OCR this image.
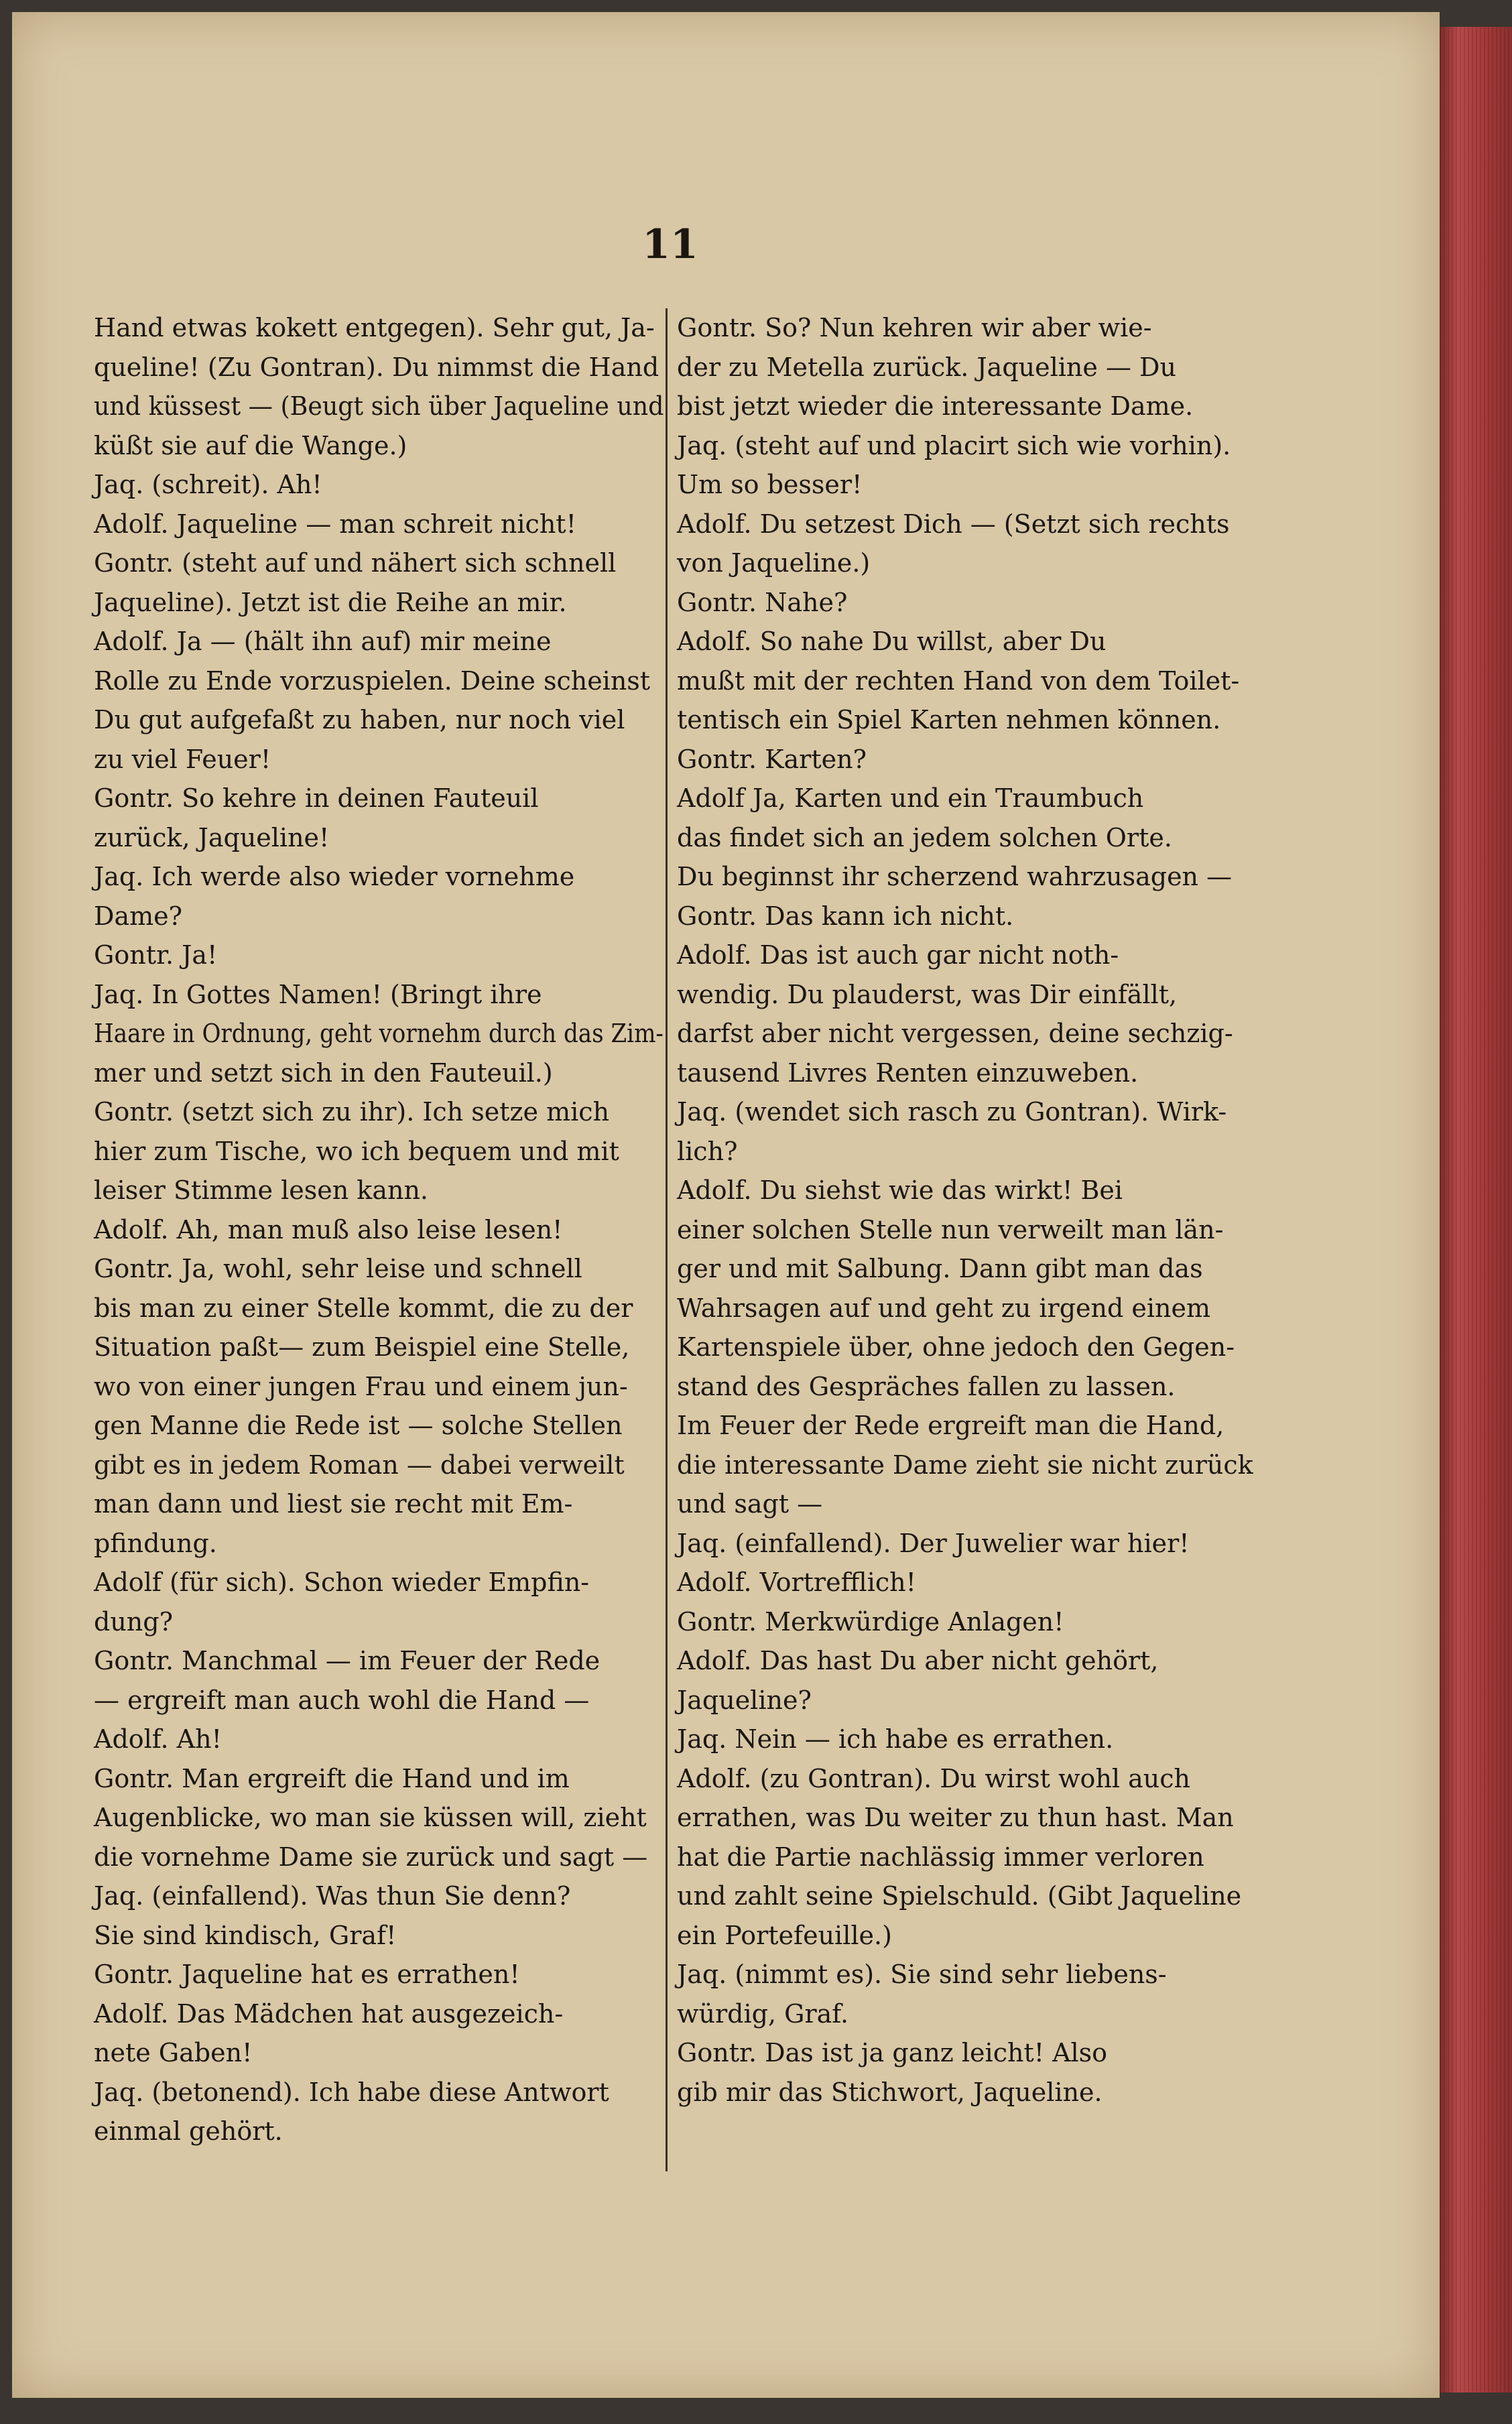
11
Hand etwas kokett entgegen). Sehr gut, Ja-
queline! (Zu Gontran). Du nimmst die Hand
und küssest — (Beugt sich über Jaqueline und
küßt sie auf die Wange.)
Jaq. (schreit). Ah!
Adolf. Jaqueline — man schreit nicht!
Gontr. (steht auf und nähert sich schnell
Jaqueline). Jetzt ist die Reihe an mir.
Adolf. Ja — (hält ihn auf) mir meine
Rolle zu Ende vorzuspielen. Deine scheinst
Du gut aufgefaßt zu haben, nur noch viel
zu viel Feuer!
Gontr. So kehre in deinen Fauteuil
zurück, Jaqueline!
Jaq. Ich werde also wieder vornehme
Dame?
Gontr. Ja!
Jaq. In Gottes Namen! (Bringt ihre
Haare in Ordnung, geht vornehm durch das Zim-
mer und setzt sich in den Fauteuil.)
Gontr. (setzt sich zu ihr). Ich setze mich
hier zum Tische, wo ich bequem und mit
leiser Stimme lesen kann.
Adolf. Ah, man muß also leise lesen!
Gontr. Ja, wohl, sehr leise und schnell
bis man zu einer Stelle kommt, die zu der
Situation paßt— zum Beispiel eine Stelle,
wo von einer jungen Frau und einem jun-
gen Manne die Rede ist — solche Stellen
gibt es in jedem Roman — dabei verweilt
man dann und liest sie recht mit Em-
pfindung.
Adolf (für sich). Schon wieder Empfin-
dung?
Gontr. Manchmal — im Feuer der Rede
— ergreift man auch wohl die Hand —
Adolf. Ah!
Gontr. Man ergreift die Hand und im
Augenblicke, wo man sie küssen will, zieht
die vornehme Dame sie zurück und sagt —
Jaq. (einfallend). Was thun Sie denn?
Sie sind kindisch, Graf!
Gontr. Jaqueline hat es errathen!
Adolf. Das Mädchen hat ausgezeich-
nete Gaben!
Jaq. (betonend). Ich habe diese Antwort
einmal gehört.
Gontr. So? Nun kehren wir aber wie-
der zu Metella zurück. Jaqueline — Du
bist jetzt wieder die interessante Dame.
Jaq. (steht auf und placirt sich wie vorhin).
Um so besser!
Adolf. Du setzest Dich — (Setzt sich rechts
von Jaqueline.)
Gontr. Nahe?
Adolf. So nahe Du willst, aber Du
mußt mit der rechten Hand von dem Toilet-
tentisch ein Spiel Karten nehmen können.
Gontr. Karten?
Adolf Ja, Karten und ein Traumbuch
das findet sich an jedem solchen Orte.
Du beginnst ihr scherzend wahrzusagen —
Gontr. Das kann ich nicht.
Adolf. Das ist auch gar nicht noth-
wendig. Du plauderst, was Dir einfällt,
darfst aber nicht vergessen, deine sechzig-
tausend Livres Renten einzuweben.
Jaq. (wendet sich rasch zu Gontran). Wirk-
lich?
Adolf. Du siehst wie das wirkt! Bei
einer solchen Stelle nun verweilt man län-
ger und mit Salbung. Dann gibt man das
Wahrsagen auf und geht zu irgend einem
Kartenspiele über, ohne jedoch den Gegen-
stand des Gespräches fallen zu lassen.
Im Feuer der Rede ergreift man die Hand,
die interessante Dame zieht sie nicht zurück
und sagt —
Jaq. (einfallend). Der Juwelier war hier!
Adolf. Vortrefflich!
Gontr. Merkwürdige Anlagen!
Adolf. Das hast Du aber nicht gehört,
Jaqueline?
Jaq. Nein — ich habe es errathen.
Adolf. (zu Gontran). Du wirst wohl auch
errathen, was Du weiter zu thun hast. Man
hat die Partie nachlässig immer verloren
und zahlt seine Spielschuld. (Gibt Jaqueline
ein Portefeuille.)
Jaq. (nimmt es). Sie sind sehr liebens-
würdig, Graf.
Gontr. Das ist ja ganz leicht! Also
gib mir das Stichwort, Jaqueline.
